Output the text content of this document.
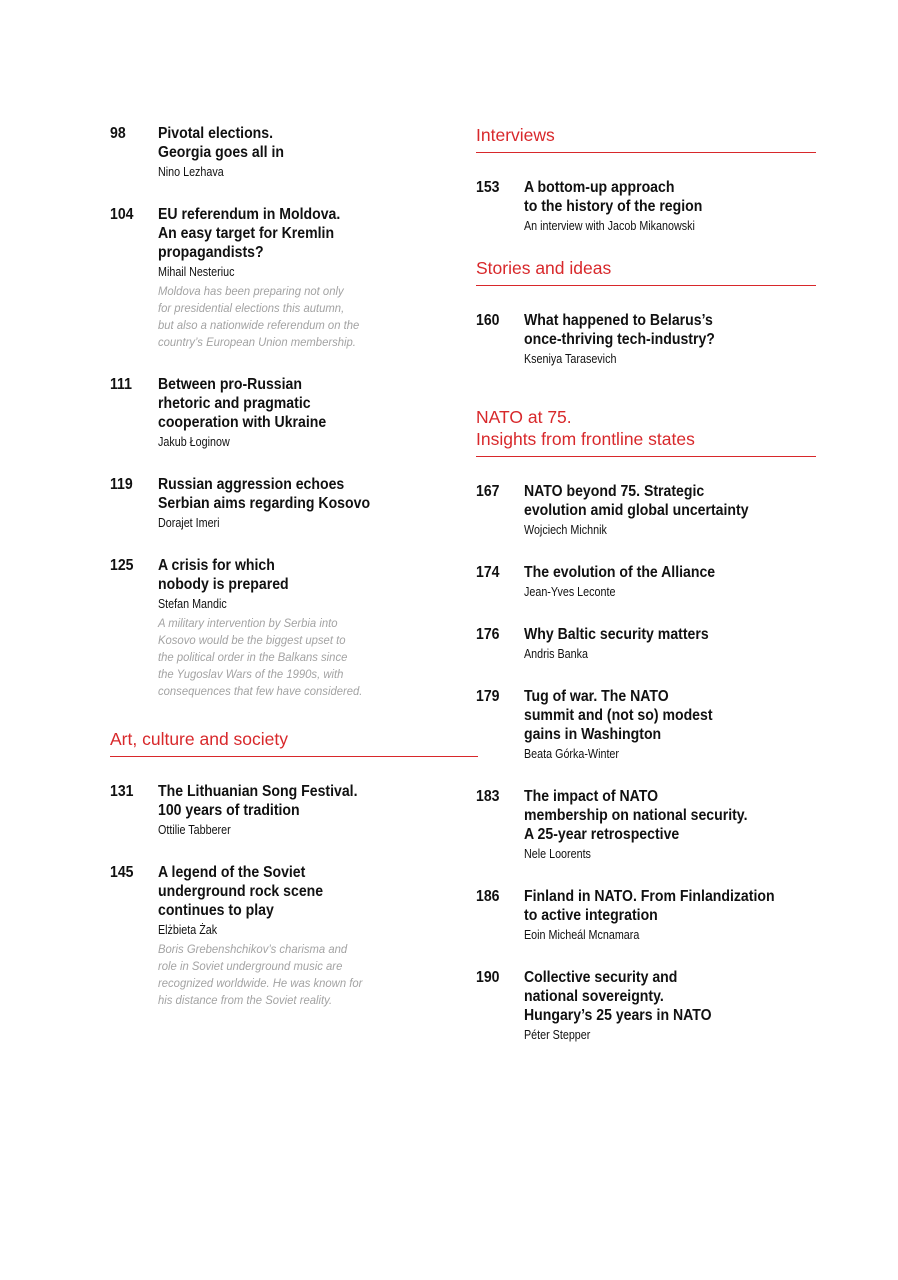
98	Pivotal elections.
Georgia goes all in
Nino Lezhava
104	EU referendum in Moldova.
An easy target for Kremlin
propagandists?
Mihail Nesteriuc
Moldova has been preparing not only
for presidential elections this autumn,
but also a nationwide referendum on the
country’s European Union membership.
111	Between pro-Russian
rhetoric and pragmatic
cooperation with Ukraine
Jakub Łoginow
119	Russian aggression echoes
Serbian aims regarding Kosovo
Dorajet Imeri
125	A crisis for which
nobody is prepared
Stefan Mandic
A military intervention by Serbia into
Kosovo would be the biggest upset to
the political order in the Balkans since
the Yugoslav Wars of the 1990s, with
consequences that few have considered.
Art, culture and society
131	The Lithuanian Song Festival.
100 years of tradition
Ottilie Tabberer
145	A legend of the Soviet
underground rock scene
continues to play
Elżbieta Żak
Boris Grebenshchikov’s charisma and
role in Soviet underground music are
recognized worldwide. He was known for
his distance from the Soviet reality.
Interviews
153	A bottom-up approach
to the history of the region
An interview with Jacob Mikanowski
Stories and ideas
160	What happened to Belarus’s
once-thriving tech-industry?
Kseniya Tarasevich
NATO at 75.
Insights from frontline states
167	NATO beyond 75. Strategic
evolution amid global uncertainty
Wojciech Michnik
174	The evolution of the Alliance
Jean-Yves Leconte
176	Why Baltic security matters
Andris Banka
179	Tug of war. The NATO
summit and (not so) modest
gains in Washington
Beata Górka-Winter
183	The impact of NATO
membership on national security.
A 25-year retrospective
Nele Loorents
186	Finland in NATO. From Finlandization
to active integration
Eoin Micheál Mcnamara
190	Collective security and
national sovereignty.
Hungary’s 25 years in NATO
Péter Stepper
